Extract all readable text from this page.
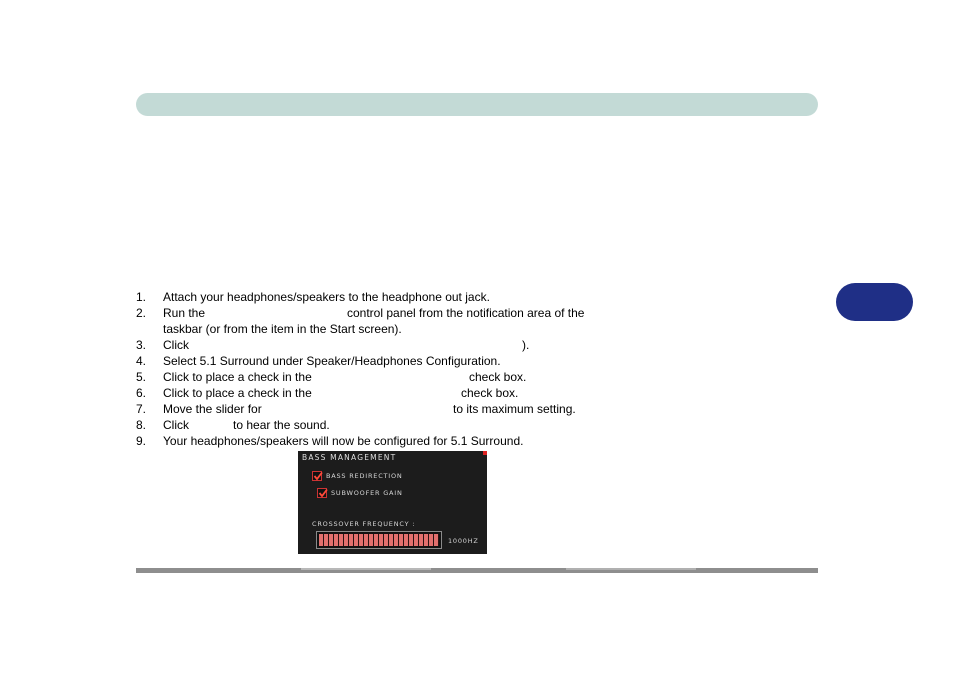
1.	Attach your headphones/speakers to the headphone out jack.
2.	Run the	control panel from the notification area of the
taskbar (or from the item in the Start screen).
3.	Click	).
4.	Select 5.1 Surround under Speaker/Headphones Configuration.
5.	Click to place a check in the	check box.
6.	Click to place a check in the	check box.
7.	Move the slider for	to its maximum setting.
8.	Click	to hear the sound.
9.	Your headphones/speakers will now be configured for 5.1 Surround.
BASS MANAGEMENT
BASS REDIRECTION
SUBWOOFER GAIN
CROSSOVER FREQUENCY :
1000HZ
